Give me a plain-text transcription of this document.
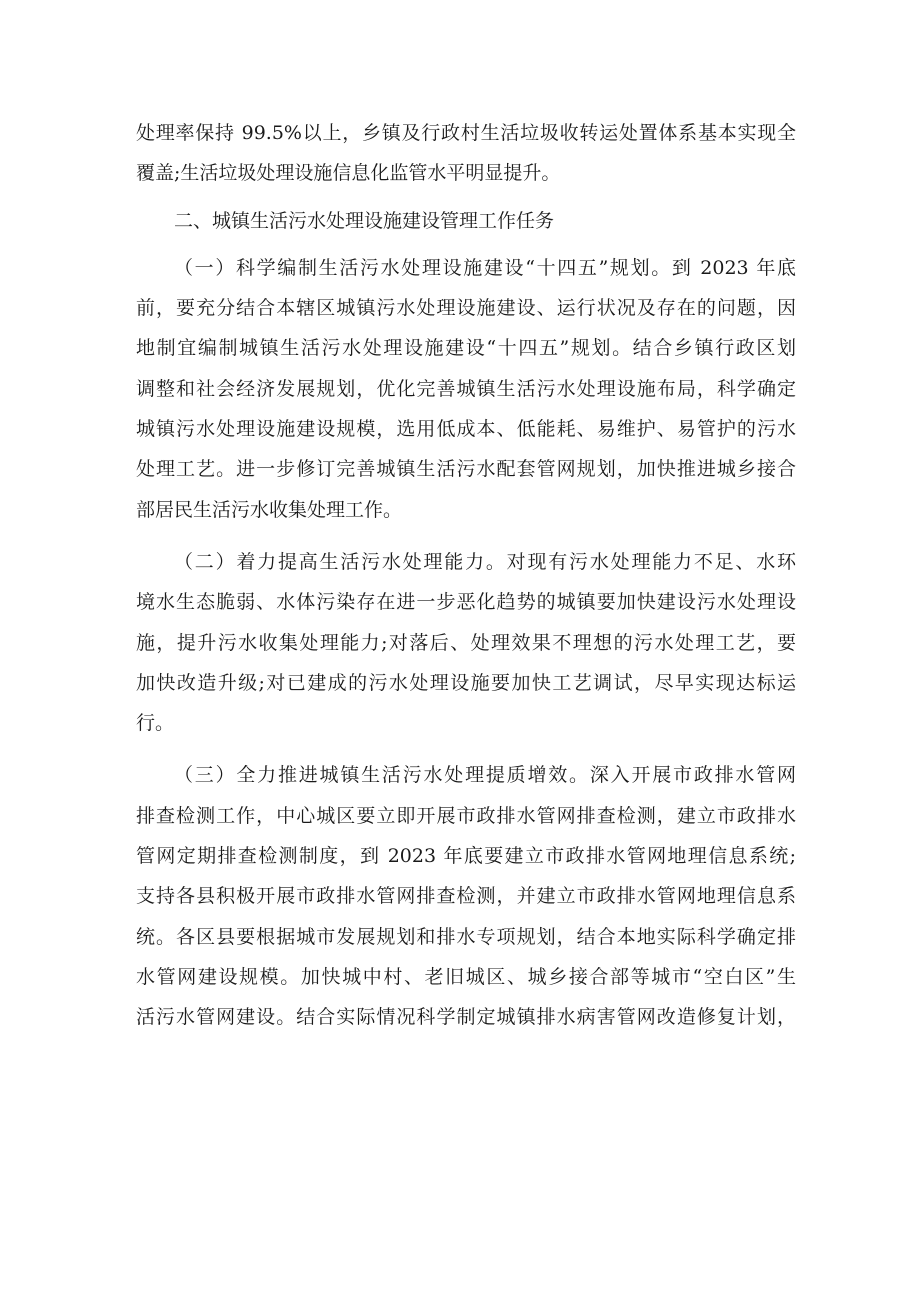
处理率保持 99.5%以上，乡镇及行政村生活垃圾收转运处置体系基本实现全
覆盖;生活垃圾处理设施信息化监管水平明显提升。
二、城镇生活污水处理设施建设管理工作任务
（一）科学编制生活污水处理设施建设“十四五”规划。到 2023 年底
前，要充分结合本辖区城镇污水处理设施建设、运行状况及存在的问题，因
地制宜编制城镇生活污水处理设施建设“十四五”规划。结合乡镇行政区划
调整和社会经济发展规划，优化完善城镇生活污水处理设施布局，科学确定
城镇污水处理设施建设规模，选用低成本、低能耗、易维护、易管护的污水
处理工艺。进一步修订完善城镇生活污水配套管网规划，加快推进城乡接合
部居民生活污水收集处理工作。
（二）着力提高生活污水处理能力。对现有污水处理能力不足、水环
境水生态脆弱、水体污染存在进一步恶化趋势的城镇要加快建设污水处理设
施，提升污水收集处理能力;对落后、处理效果不理想的污水处理工艺，要
加快改造升级;对已建成的污水处理设施要加快工艺调试，尽早实现达标运
行。
（三）全力推进城镇生活污水处理提质增效。深入开展市政排水管网
排查检测工作，中心城区要立即开展市政排水管网排查检测，建立市政排水
管网定期排查检测制度，到 2023 年底要建立市政排水管网地理信息系统;
支持各县积极开展市政排水管网排查检测，并建立市政排水管网地理信息系
统。各区县要根据城市发展规划和排水专项规划，结合本地实际科学确定排
水管网建设规模。加快城中村、老旧城区、城乡接合部等城市“空白区”生
活污水管网建设。结合实际情况科学制定城镇排水病害管网改造修复计划，
